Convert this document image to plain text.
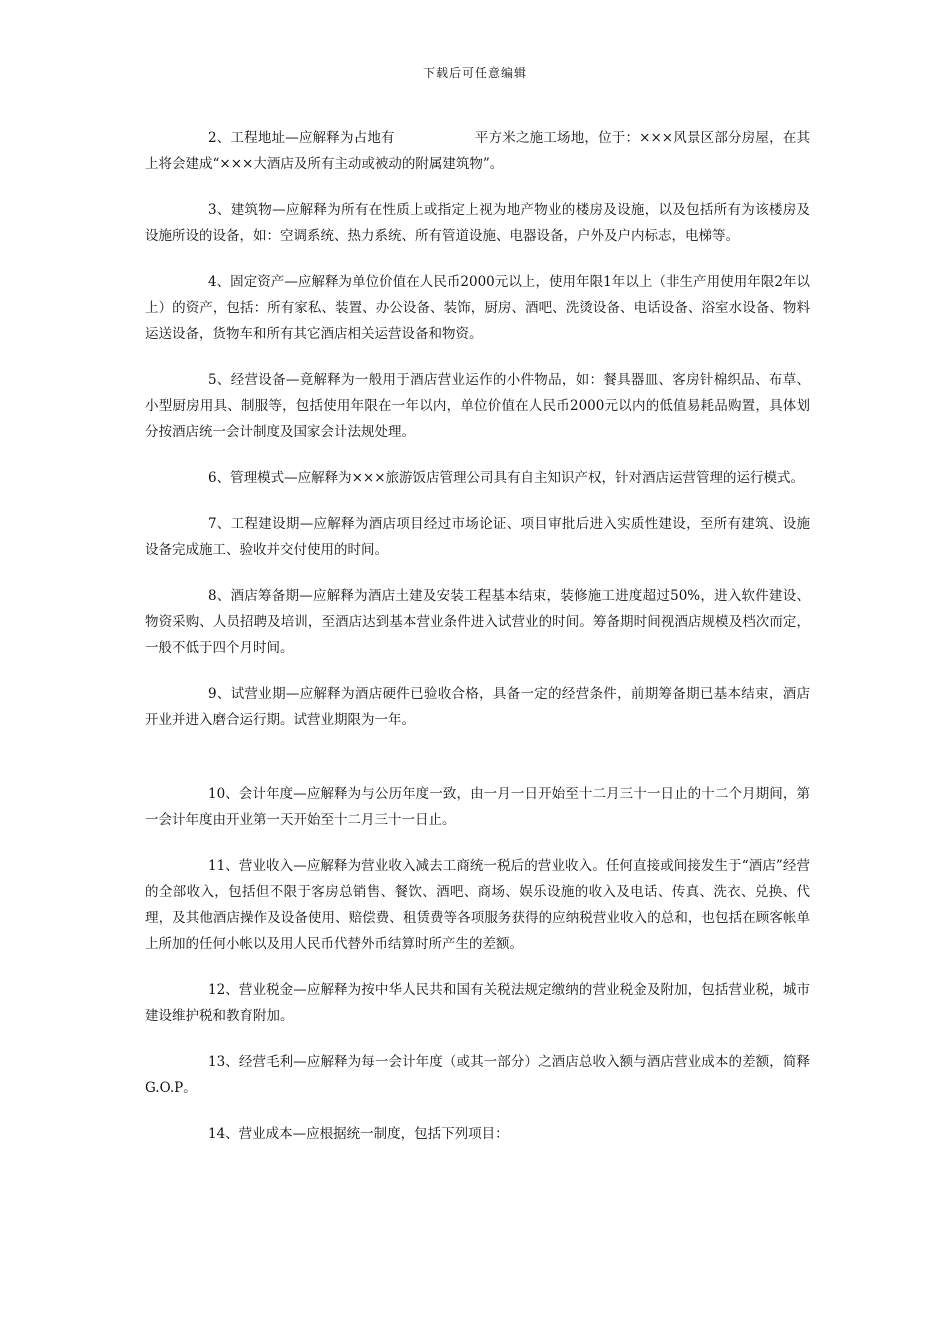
下载后可任意编辑

2、工程地址—应解释为占地有	平方米之施工场地，位于：×××风景区部分房屋，在其上将会建成“×××大酒店及所有主动或被动的附属建筑物”。

3、建筑物—应解释为所有在性质上或指定上视为地产物业的楼房及设施，以及包括所有为该楼房及设施所设的设备，如：空调系统、热力系统、所有管道设施、电器设备，户外及户内标志，电梯等。

4、固定资产—应解释为单位价值在人民币2000元以上，使用年限1年以上（非生产用使用年限2年以上）的资产，包括：所有家私、装置、办公设备、装饰，厨房、酒吧、洗烫设备、电话设备、浴室水设备、物料运送设备，货物车和所有其它酒店相关运营设备和物资。

5、经营设备—竟解释为一般用于酒店营业运作的小件物品，如：餐具器皿、客房针棉织品、布草、小型厨房用具、制服等，包括使用年限在一年以内，单位价值在人民币2000元以内的低值易耗品购置，具体划分按酒店统一会计制度及国家会计法规处理。

6、管理模式—应解释为×××旅游饭店管理公司具有自主知识产权，针对酒店运营管理的运行模式。

7、工程建设期—应解释为酒店项目经过市场论证、项目审批后进入实质性建设，至所有建筑、设施设备完成施工、验收并交付使用的时间。

8、酒店筹备期—应解释为酒店土建及安装工程基本结束，装修施工进度超过50%，进入软件建设、物资采购、人员招聘及培训，至酒店达到基本营业条件进入试营业的时间。筹备期时间视酒店规模及档次而定，一般不低于四个月时间。

9、试营业期—应解释为酒店硬件已验收合格，具备一定的经营条件，前期筹备期已基本结束，酒店开业并进入磨合运行期。试营业期限为一年。

10、会计年度—应解释为与公历年度一致，由一月一日开始至十二月三十一日止的十二个月期间，第一会计年度由开业第一天开始至十二月三十一日止。

11、营业收入—应解释为营业收入减去工商统一税后的营业收入。任何直接或间接发生于“酒店”经营的全部收入，包括但不限于客房总销售、餐饮、酒吧、商场、娱乐设施的收入及电话、传真、洗衣、兑换、代理，及其他酒店操作及设备使用、赔偿费、租赁费等各项服务获得的应纳税营业收入的总和，也包括在顾客帐单上所加的任何小帐以及用人民币代替外币结算时所产生的差额。

12、营业税金—应解释为按中华人民共和国有关税法规定缴纳的营业税金及附加，包括营业税，城市建设维护税和教育附加。

13、经营毛利—应解释为每一会计年度（或其一部分）之酒店总收入额与酒店营业成本的差额，简释G.O.P。

14、营业成本—应根据统一制度，包括下列项目：
